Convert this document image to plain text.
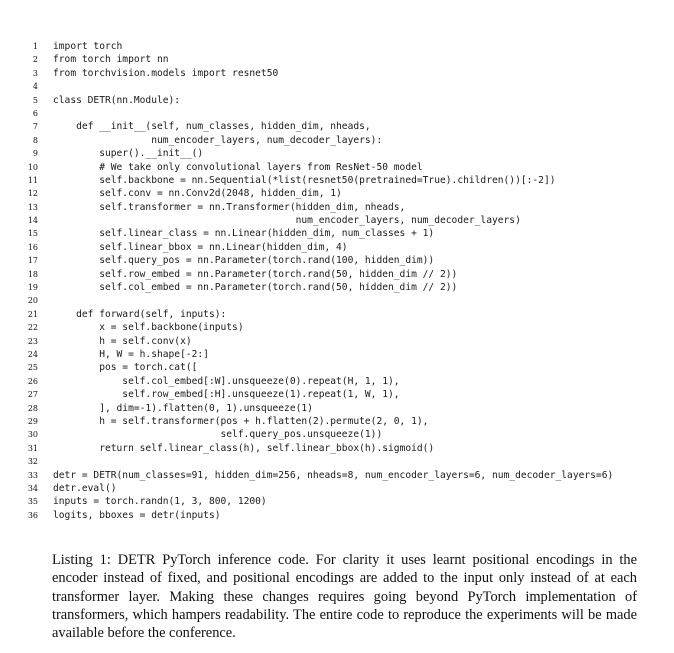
1 import torch
2 from torch import nn
3 from torchvision.models import resnet50
4
5 class DETR(nn.Module):
6
7 def __init__(self, num_classes, hidden_dim, nheads,
8 num_encoder_layers, num_decoder_layers):
9 super().__init__()
10 # We take only convolutional layers from ResNet-50 model
11 self.backbone = nn.Sequential(*list(resnet50(pretrained=True).children())[:-2])
12 self.conv = nn.Conv2d(2048, hidden_dim, 1)
13 self.transformer = nn.Transformer(hidden_dim, nheads,
14 num_encoder_layers, num_decoder_layers)
15 self.linear_class = nn.Linear(hidden_dim, num_classes + 1)
16 self.linear_bbox = nn.Linear(hidden_dim, 4)
17 self.query_pos = nn.Parameter(torch.rand(100, hidden_dim))
18 self.row_embed = nn.Parameter(torch.rand(50, hidden_dim // 2))
19 self.col_embed = nn.Parameter(torch.rand(50, hidden_dim // 2))
20
21 def forward(self, inputs):
22 x = self.backbone(inputs)
23 h = self.conv(x)
24 H, W = h.shape[-2:]
25 pos = torch.cat([
26 self.col_embed[:W].unsqueeze(0).repeat(H, 1, 1),
27 self.row_embed[:H].unsqueeze(1).repeat(1, W, 1),
28 ], dim=-1).flatten(0, 1).unsqueeze(1)
29 h = self.transformer(pos + h.flatten(2).permute(2, 0, 1),
30 self.query_pos.unsqueeze(1))
31 return self.linear_class(h), self.linear_bbox(h).sigmoid()
32
33 detr = DETR(num_classes=91, hidden_dim=256, nheads=8, num_encoder_layers=6, num_decoder_layers=6)
34 detr.eval()
35 inputs = torch.randn(1, 3, 800, 1200)
36 logits, bboxes = detr(inputs)
Listing 1: DETR PyTorch inference code. For clarity it uses learnt positional encodings in the encoder instead of fixed, and positional encodings are added to the input only instead of at each transformer layer. Making these changes requires going beyond PyTorch implementation of transformers, which hampers readability. The entire code to reproduce the experiments will be made available before the conference.
